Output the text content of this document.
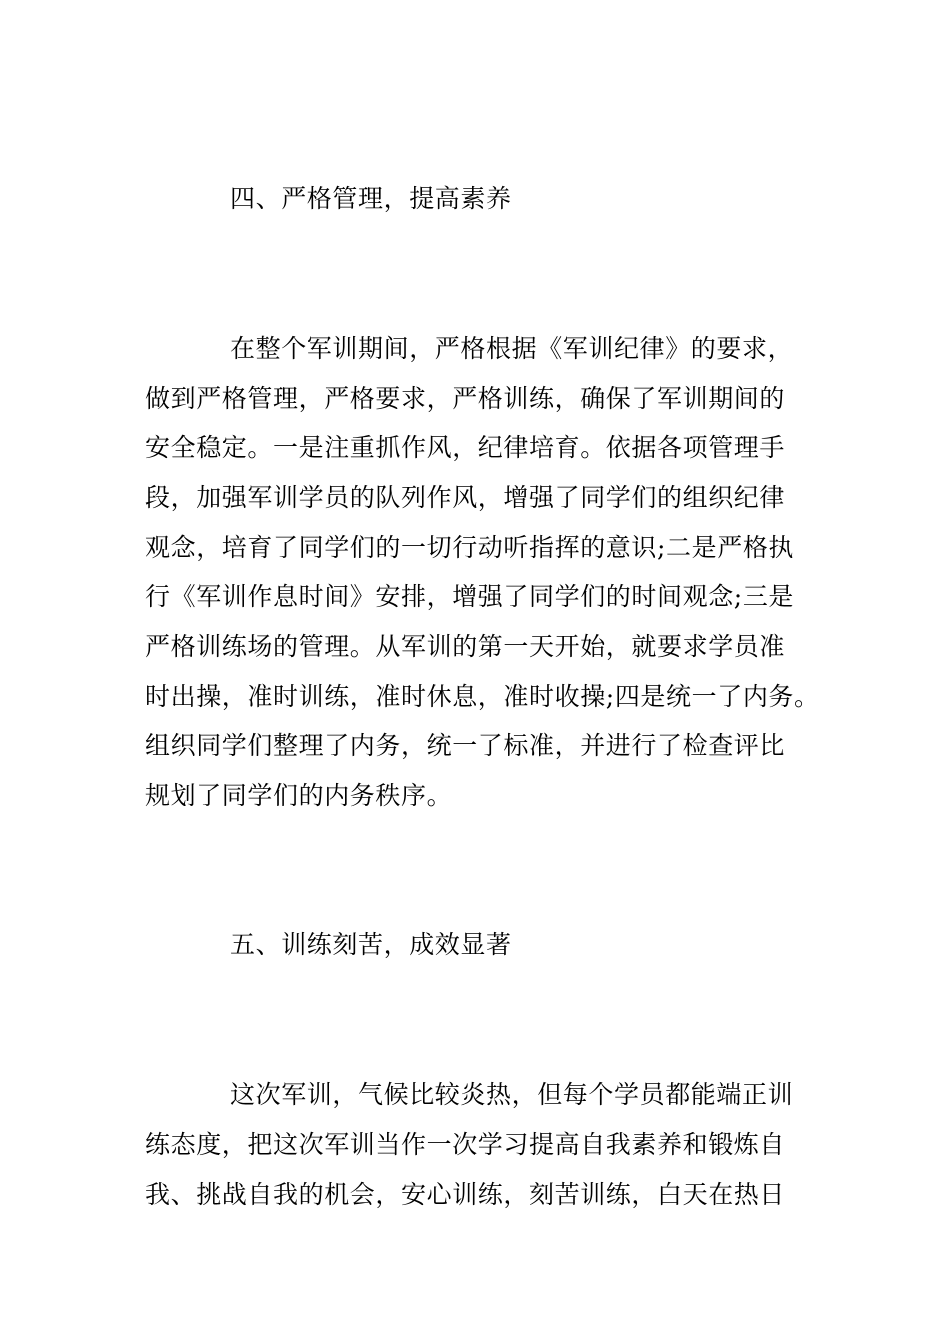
四、严格管理，提高素养
在整个军训期间，严格根据《军训纪律》的要求，
做到严格管理，严格要求，严格训练，确保了军训期间的
安全稳定。一是注重抓作风，纪律培育。依据各项管理手
段，加强军训学员的队列作风，增强了同学们的组织纪律
观念，培育了同学们的一切行动听指挥的意识;二是严格执
行《军训作息时间》安排，增强了同学们的时间观念;三是
严格训练场的管理。从军训的第一天开始，就要求学员准
时出操，准时训练，准时休息，准时收操;四是统一了内务。
组织同学们整理了内务，统一了标准，并进行了检查评比
规划了同学们的内务秩序。
五、训练刻苦，成效显著
这次军训，气候比较炎热，但每个学员都能端正训
练态度，把这次军训当作一次学习提高自我素养和锻炼自
我、挑战自我的机会，安心训练，刻苦训练，白天在热日
